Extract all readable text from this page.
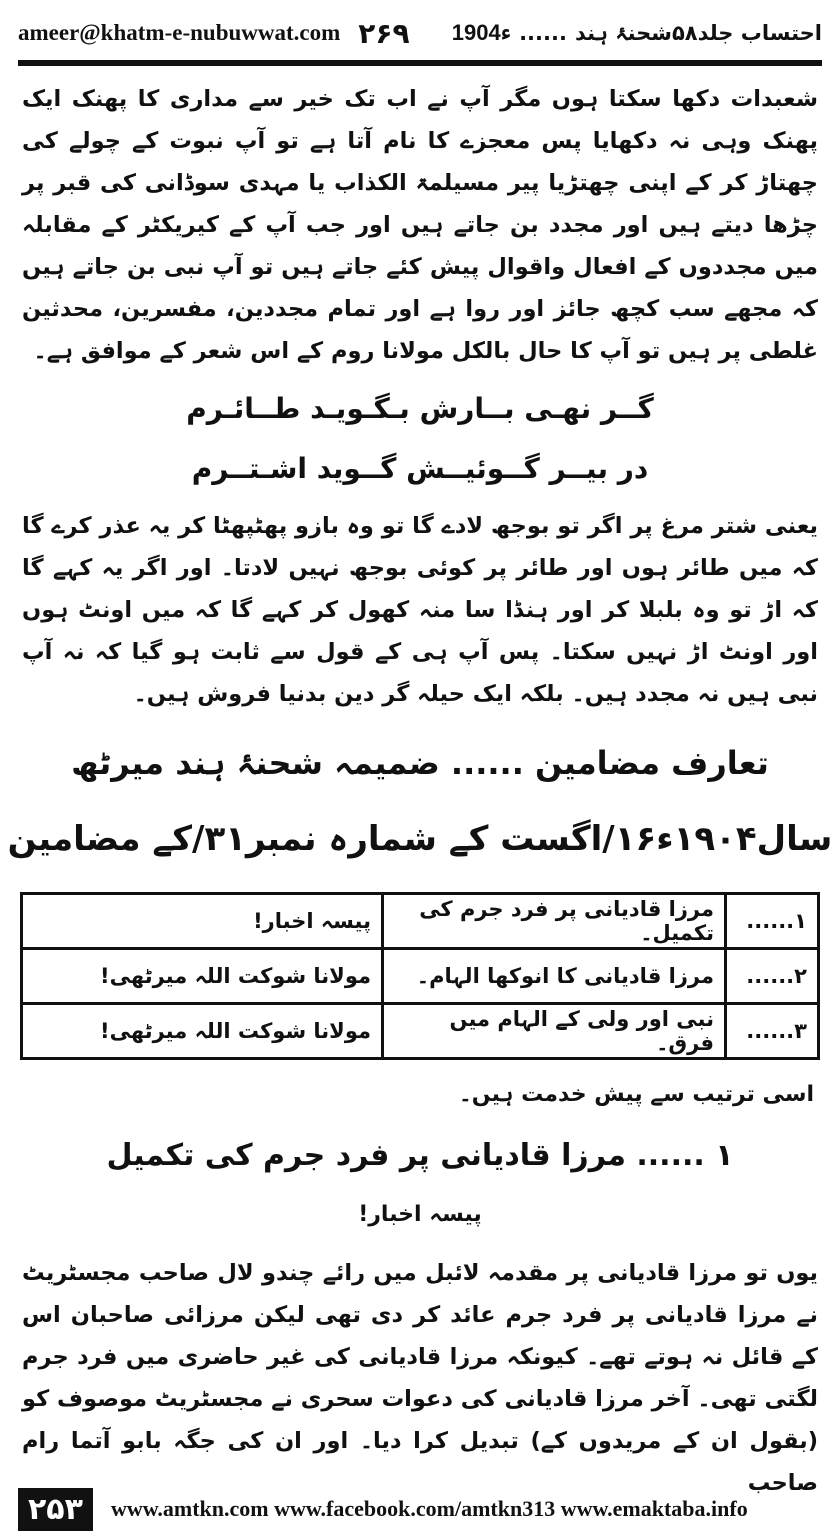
ameer@khatm-e-nubuwwat.com ۲۶۹	احتساب جلد۵۸شحنۂ ہند
......
1904ء

شعبدات دکھا سکتا ہوں مگر آپ نے اب تک خیر سے مداری کا پھنک ایک پھنک وہی نہ دکھایا پس معجزے کا نام آتا ہے تو آپ نبوت کے چولے کی چھتاڑ کر کے اپنی چھتڑیا پیر مسیلمۃ الکذاب یا مہدی سوڈانی کی قبر پر چڑھا دیتے ہیں اور مجدد بن جاتے ہیں اور جب آپ کے کیریکٹر کے مقابلہ میں مجددوں کے افعال واقوال پیش کئے جاتے ہیں تو آپ نبی بن جاتے ہیں کہ مجھے سب کچھ جائز اور روا ہے اور تمام مجددین، مفسرین، محدثین غلطی پر ہیں تو آپ کا حال بالکل مولانا روم کے اس شعر کے موافق ہے۔

گــر نهـی بــارش بـگـویـد طــائـرم
در بیــر گــوئیــش گــوید اشـتــرم

یعنی شتر مرغ پر اگر تو بوجھ لادے گا تو وہ بازو پھٹپھٹا کر یہ عذر کرے گا کہ میں طائر ہوں اور طائر پر کوئی بوجھ نہیں لادتا۔ اور اگر یہ کہے گا کہ اڑ تو وہ بلبلا کر اور ہنڈا سا منہ کھول کر کہے گا کہ میں اونٹ ہوں اور اونٹ اڑ نہیں سکتا۔ پس آپ ہی کے قول سے ثابت ہو گیا کہ نہ آپ نبی ہیں نہ مجدد ہیں۔ بلکہ ایک حیلہ گر دین بدنیا فروش ہیں۔

تعارف مضامین ...... ضمیمہ شحنۂ ہند میرٹھ
سال۱۹۰۴ء۱۶/اگست کے شمارہ نمبر۳۱/کے مضامین
۱......	مرزا قادیانی پر فرد جرم کی تکمیل۔	پیسہ اخبار!
۲......	مرزا قادیانی کا انوکھا الہام۔	مولانا شوکت اللہ میرٹھی!
۳......	نبی اور ولی کے الہام میں فرق۔	مولانا شوکت اللہ میرٹھی!
اسی ترتیب سے پیش خدمت ہیں۔
۱ ...... مرزا قادیانی پر فرد جرم کی تکمیل
پیسہ اخبار!

یوں تو مرزا قادیانی پر مقدمہ لائبل میں رائے چندو لال صاحب مجسٹریٹ نے مرزا قادیانی پر فرد جرم عائد کر دی تھی لیکن مرزائی صاحبان اس کے قائل نہ ہوتے تھے۔ کیونکہ مرزا قادیانی کی غیر حاضری میں فرد جرم لگتی تھی۔ آخر مرزا قادیانی کی دعوات سحری نے مجسٹریٹ موصوف کو (بقول ان کے مریدوں کے) تبدیل کرا دیا۔ اور ان کی جگہ بابو آتما رام صاحب

۲۵۳	www.amtkn.com www.facebook.com/amtkn313 www.emaktaba.info
